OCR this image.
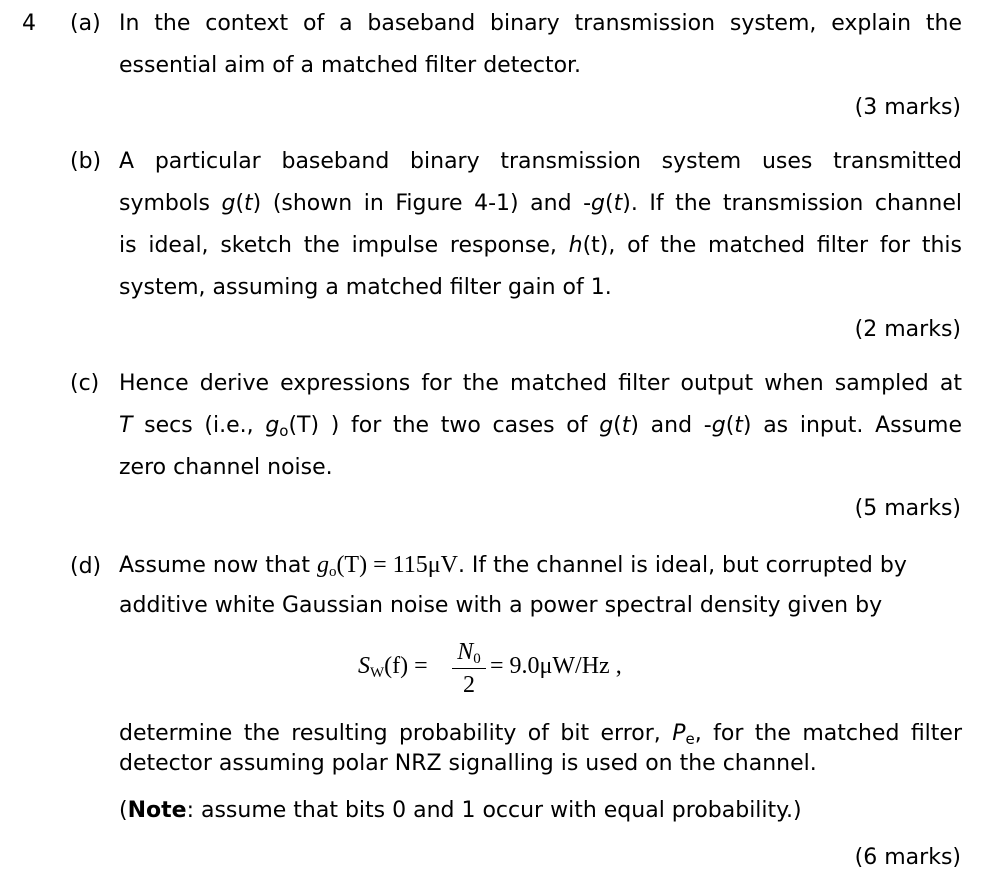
4 (a) In the context of a baseband binary transmission system, explain the
essential aim of a matched filter detector.
(3 marks)
(b) A particular baseband binary transmission system uses transmitted
symbols g(t) (shown in Figure 4-1) and -g(t). If the transmission channel
is ideal, sketch the impulse response, h(t), of the matched filter for this
system, assuming a matched filter gain of 1.
(2 marks)
(c) Hence derive expressions for the matched filter output when sampled at
T secs (i.e., $g_o(T)$ ) for the two cases of g(t) and -g(t) as input. Assume
zero channel noise.
(5 marks)
(d) Assume now that $g_o(T) = 115\mu V$. If the channel is ideal, but corrupted by
additive white Gaussian noise with a power spectral density given by
$S_W(f)$ =
$N_0$
2
= 9.0μW/Hz ,
determine the resulting probability of bit error, $P_e$, for the matched filter
detector assuming polar NRZ signalling is used on the channel.
(Note: assume that bits 0 and 1 occur with equal probability.)
(6 marks)
